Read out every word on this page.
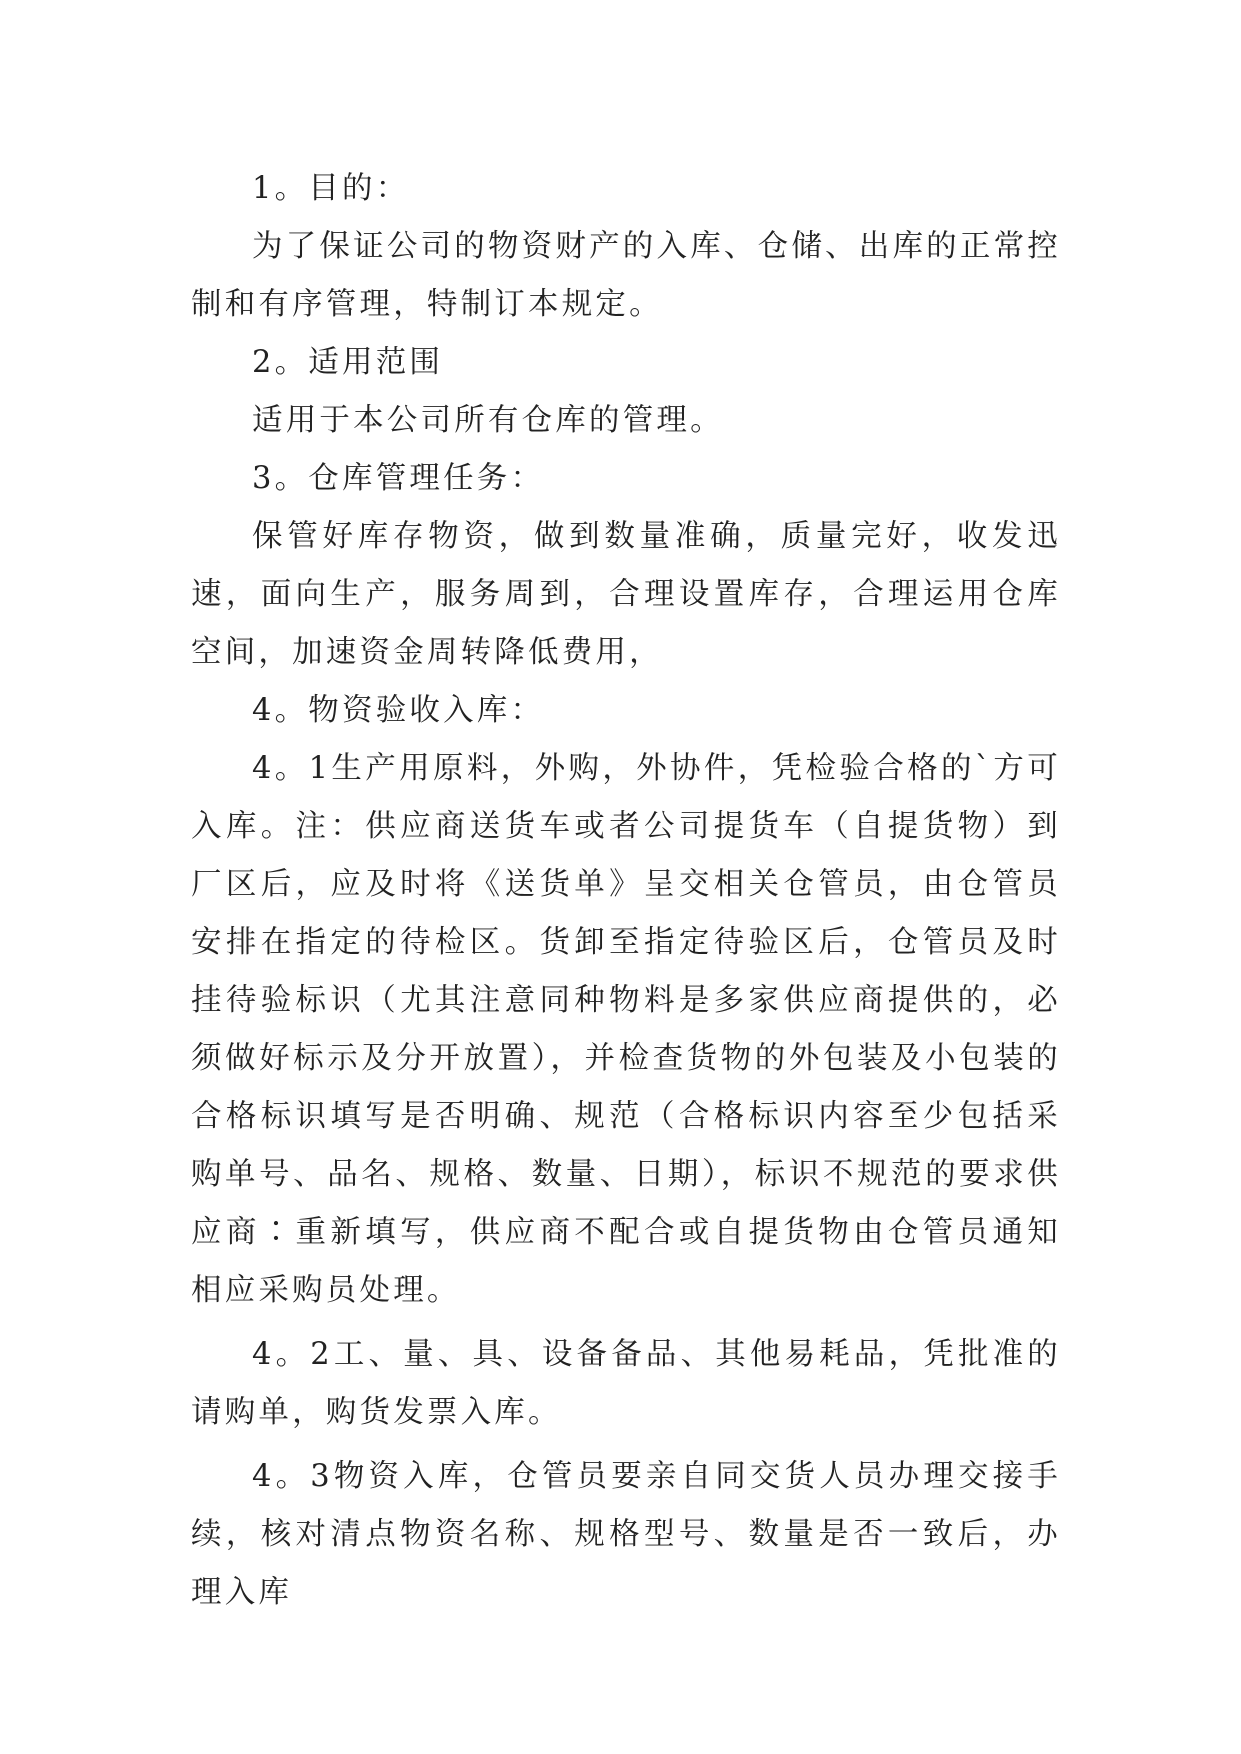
1。目的：

为了保证公司的物资财产的入库、仓储、出库的正常控制和有序管理，特制订本规定。

2。适用范围

适用于本公司所有仓库的管理。

3。仓库管理任务：

保管好库存物资，做到数量准确，质量完好，收发迅速，面向生产，服务周到，合理设置库存，合理运用仓库空间，加速资金周转降低费用，

4。物资验收入库：

4。1生产用原料，外购，外协件，凭检验合格的`方可入库。注：供应商送货车或者公司提货车（自提货物）到厂区后，应及时将《送货单》呈交相关仓管员，由仓管员安排在指定的待检区。货卸至指定待验区后，仓管员及时挂待验标识（尤其注意同种物料是多家供应商提供的，必须做好标示及分开放置），并检查货物的外包装及小包装的合格标识填写是否明确、规范（合格标识内容至少包括采购单号、品名、规格、数量、日期），标识不规范的要求供应商∶重新填写，供应商不配合或自提货物由仓管员通知相应采购员处理。

4。2工、量、具、设备备品、其他易耗品，凭批准的请购单，购货发票入库。

4。3物资入库，仓管员要亲自同交货人员办理交接手续，核对清点物资名称、规格型号、数量是否一致后，办理入库
